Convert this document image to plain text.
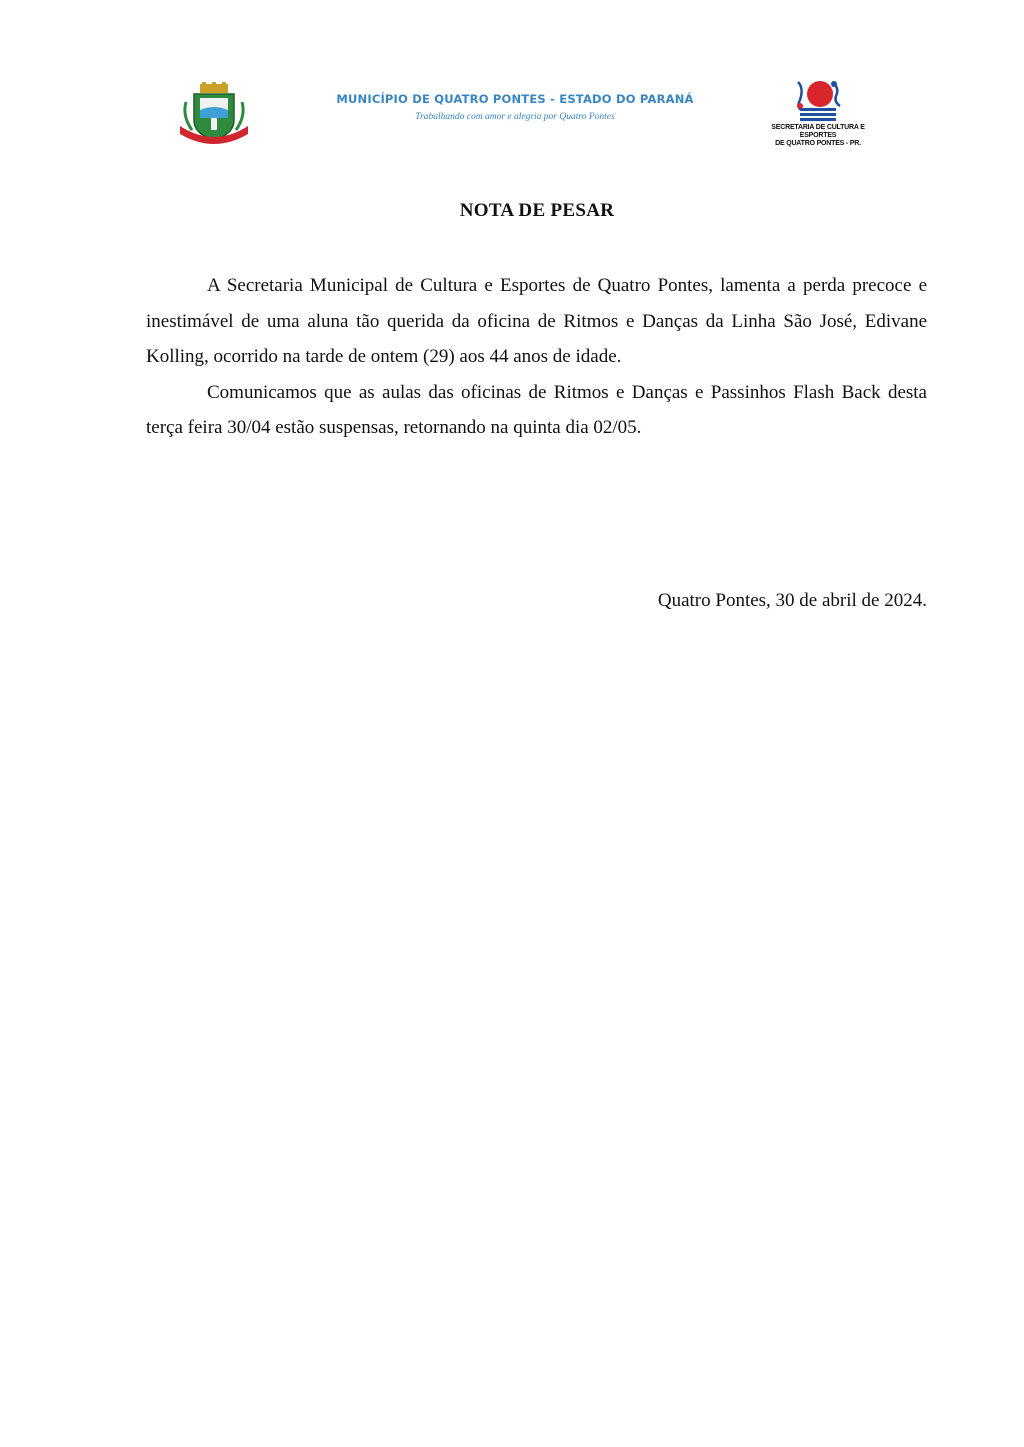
MUNICÍPIO DE QUATRO PONTES - ESTADO DO PARANÁ
Trabalhando com amor e alegria por Quatro Pontes
SECRETARIA DE CULTURA E ESPORTES
DE QUATRO PONTES - PR.
NOTA DE PESAR

A Secretaria Municipal de Cultura e Esportes de Quatro Pontes, lamenta a perda precoce e inestimável de uma aluna tão querida da oficina de Ritmos e Danças da Linha São José, Edivane Kolling, ocorrido na tarde de ontem (29) aos 44 anos de idade.

Comunicamos que as aulas das oficinas de Ritmos e Danças e Passinhos Flash Back desta terça feira 30/04 estão suspensas, retornando na quinta dia 02/05.

Quatro Pontes, 30 de abril de 2024.
